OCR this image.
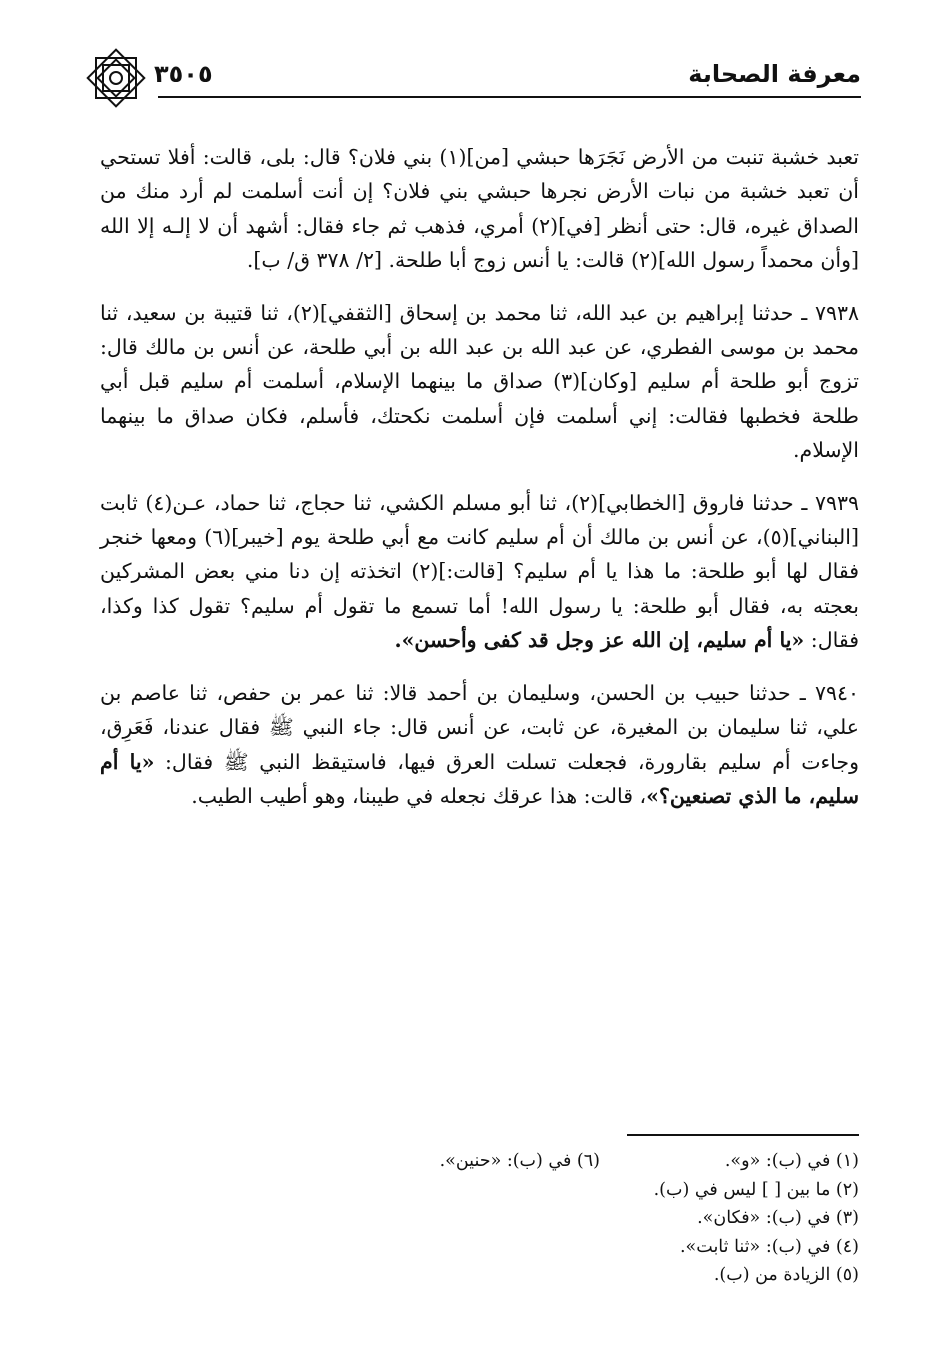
معرفة الصحابة
٣٥٠٥

تعبد خشبة تنبت من الأرض نَجَرَها حبشي [من](١) بني فلان؟ قال: بلى، قالت: أفلا تستحي أن تعبد خشبة من نبات الأرض نجرها حبشي بني فلان؟ إن أنت أسلمت لم أرد منك من الصداق غيره، قال: حتى أنظر [في](٢) أمري، فذهب ثم جاء فقال: أشهد أن لا إلـه إلا الله [وأن محمداً رسول الله](٢) قالت: يا أنس زوج أبا طلحة. [٢/ ٣٧٨ ق/ ب].

٧٩٣٨ ـ حدثنا إبراهيم بن عبد الله، ثنا محمد بن إسحاق [الثقفي](٢)، ثنا قتيبة بن سعيد، ثنا محمد بن موسى الفطري، عن عبد الله بن عبد الله بن أبي طلحة، عن أنس بن مالك قال: تزوج أبو طلحة أم سليم [وكان](٣) صداق ما بينهما الإسلام، أسلمت أم سليم قبل أبي طلحة فخطبها فقالت: إني أسلمت فإن أسلمت نكحتك، فأسلم، فكان صداق ما بينهما الإسلام.

٧٩٣٩ ـ حدثنا فاروق [الخطابي](٢)، ثنا أبو مسلم الكشي، ثنا حجاج، ثنا حماد، عـن(٤) ثابت [البناني](٥)، عن أنس بن مالك أن أم سليم كانت مع أبي طلحة يوم [خيبر](٦) ومعها خنجر فقال لها أبو طلحة: ما هذا يا أم سليم؟ [قالت:](٢) اتخذته إن دنا مني بعض المشركين بعجته به، فقال أبو طلحة: يا رسول الله! أما تسمع ما تقول أم سليم؟ تقول كذا وكذا، فقال: «يا أم سليم، إن الله عز وجل قد كفى وأحسن».

٧٩٤٠ ـ حدثنا حبيب بن الحسن، وسليمان بن أحمد قالا: ثنا عمر بن حفص، ثنا عاصم بن علي، ثنا سليمان بن المغيرة، عن ثابت، عن أنس قال: جاء النبي ﷺ فقال عندنا، فَعَرِق، وجاءت أم سليم بقارورة، فجعلت تسلت العرق فيها، فاستيقظ النبي ﷺ فقال: «يا أم سليم، ما الذي تصنعين؟»، قالت: هذا عرقك نجعله في طيبنا، وهو أطيب الطيب.

(١) في (ب): «و».
(٢) ما بين [ ] ليس في (ب).
(٣) في (ب): «فكان».
(٤) في (ب): «ثنا ثابت».
(٥) الزيادة من (ب).
(٦) في (ب): «حنين».
